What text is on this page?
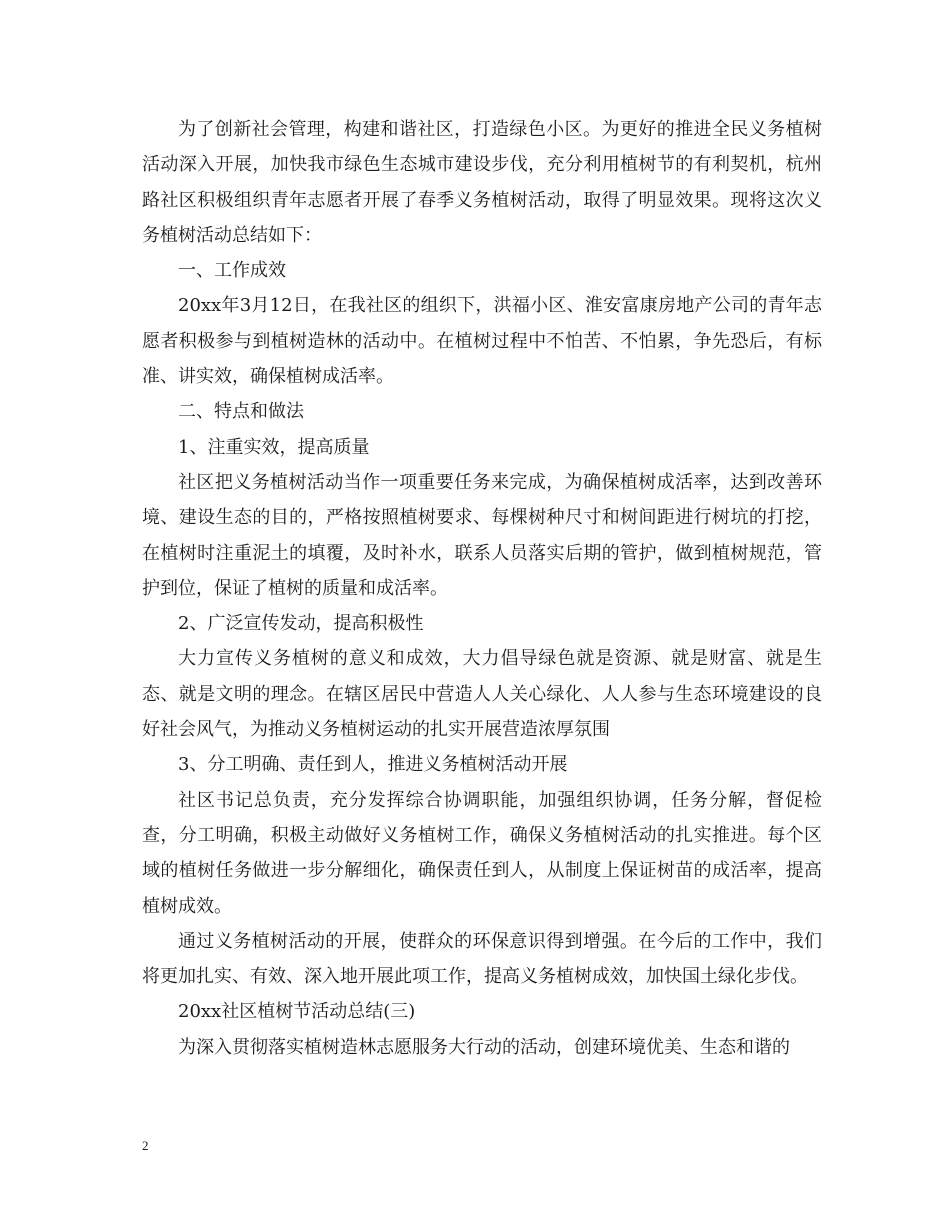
为了创新社会管理，构建和谐社区，打造绿色小区。为更好的推进全民义务植树活动深入开展，加快我市绿色生态城市建设步伐，充分利用植树节的有利契机，杭州路社区积极组织青年志愿者开展了春季义务植树活动，取得了明显效果。现将这次义务植树活动总结如下：

一、工作成效

20xx年3月12日，在我社区的组织下，洪福小区、淮安富康房地产公司的青年志愿者积极参与到植树造林的活动中。在植树过程中不怕苦、不怕累，争先恐后，有标准、讲实效，确保植树成活率。

二、特点和做法

1、注重实效，提高质量

社区把义务植树活动当作一项重要任务来完成，为确保植树成活率，达到改善环境、建设生态的目的，严格按照植树要求、每棵树种尺寸和树间距进行树坑的打挖，在植树时注重泥土的填覆，及时补水，联系人员落实后期的管护，做到植树规范，管护到位，保证了植树的质量和成活率。

2、广泛宣传发动，提高积极性

大力宣传义务植树的意义和成效，大力倡导绿色就是资源、就是财富、就是生态、就是文明的理念。在辖区居民中营造人人关心绿化、人人参与生态环境建设的良好社会风气，为推动义务植树运动的扎实开展营造浓厚氛围

3、分工明确、责任到人，推进义务植树活动开展

社区书记总负责，充分发挥综合协调职能，加强组织协调，任务分解，督促检查，分工明确，积极主动做好义务植树工作，确保义务植树活动的扎实推进。每个区域的植树任务做进一步分解细化，确保责任到人，从制度上保证树苗的成活率，提高植树成效。

通过义务植树活动的开展，使群众的环保意识得到增强。在今后的工作中，我们将更加扎实、有效、深入地开展此项工作，提高义务植树成效，加快国土绿化步伐。

20xx社区植树节活动总结(三)

为深入贯彻落实植树造林志愿服务大行动的活动，创建环境优美、生态和谐的

2
